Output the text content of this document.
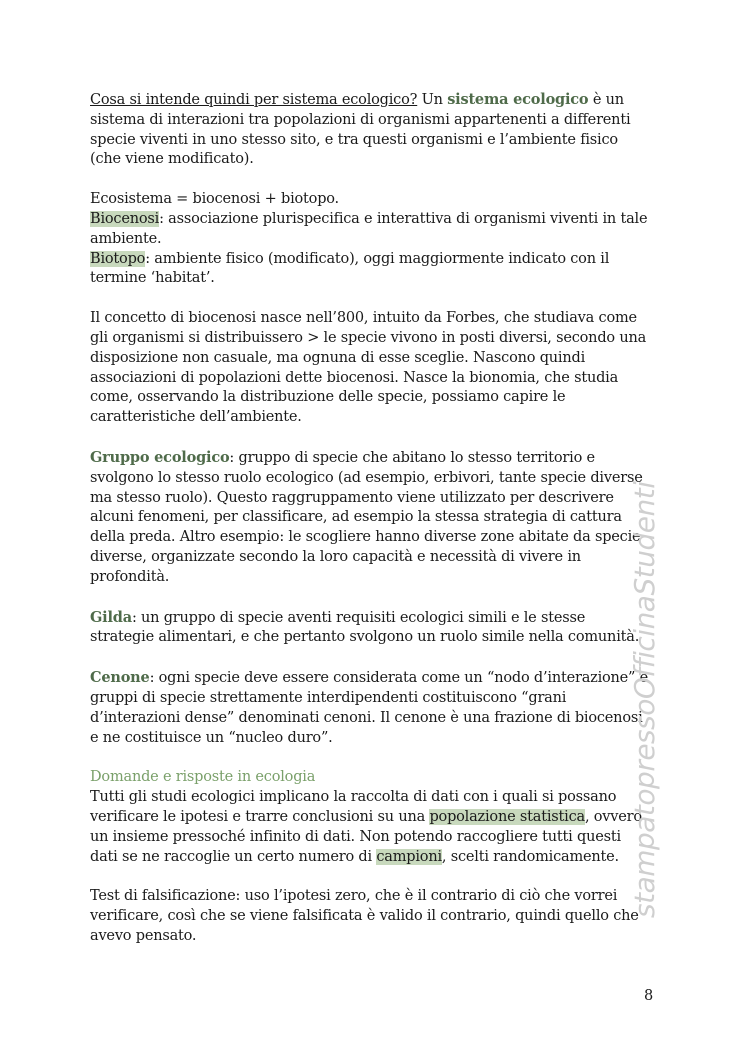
Cosa si intende quindi per sistema ecologico? Un sistema ecologico è un sistema di interazioni tra popolazioni di organismi appartenenti a differenti specie viventi in uno stesso sito, e tra questi organismi e l’ambiente fisico (che viene modificato).

Ecosistema = biocenosi + biotopo.
Biocenosi: associazione plurispecifica e interattiva di organismi viventi in tale ambiente.
Biotopo: ambiente fisico (modificato), oggi maggiormente indicato con il termine ‘habitat’.

Il concetto di biocenosi nasce nell’800, intuito da Forbes, che studiava come gli organismi si distribuissero > le specie vivono in posti diversi, secondo una disposizione non casuale, ma ognuna di esse sceglie. Nascono quindi associazioni di popolazioni dette biocenosi. Nasce la bionomia, che studia come, osservando la distribuzione delle specie, possiamo capire le caratteristiche dell’ambiente.

Gruppo ecologico: gruppo di specie che abitano lo stesso territorio e svolgono lo stesso ruolo ecologico (ad esempio, erbivori, tante specie diverse ma stesso ruolo). Questo raggruppamento viene utilizzato per descrivere alcuni fenomeni, per classificare, ad esempio la stessa strategia di cattura della preda. Altro esempio: le scogliere hanno diverse zone abitate da specie diverse, organizzate secondo la loro capacità e necessità di vivere in profondità.

Gilda: un gruppo di specie aventi requisiti ecologici simili e le stesse strategie alimentari, e che pertanto svolgono un ruolo simile nella comunità.

Cenone: ogni specie deve essere considerata come un “nodo d’interazione” e gruppi di specie strettamente interdipendenti costituiscono “grani d’interazioni dense” denominati cenoni. Il cenone è una frazione di biocenosi e ne costituisce un “nucleo duro”.

Domande e risposte in ecologia
Tutti gli studi ecologici implicano la raccolta di dati con i quali si possano verificare le ipotesi e trarre conclusioni su una popolazione statistica, ovvero un insieme pressoché infinito di dati. Non potendo raccogliere tutti questi dati se ne raccoglie un certo numero di campioni, scelti randomicamente.

Test di falsificazione: uso l’ipotesi zero, che è il contrario di ciò che vorrei verificare, così che se viene falsificata è valido il contrario, quindi quello che avevo pensato.

stampatopressoOfficinaStudenti
8
